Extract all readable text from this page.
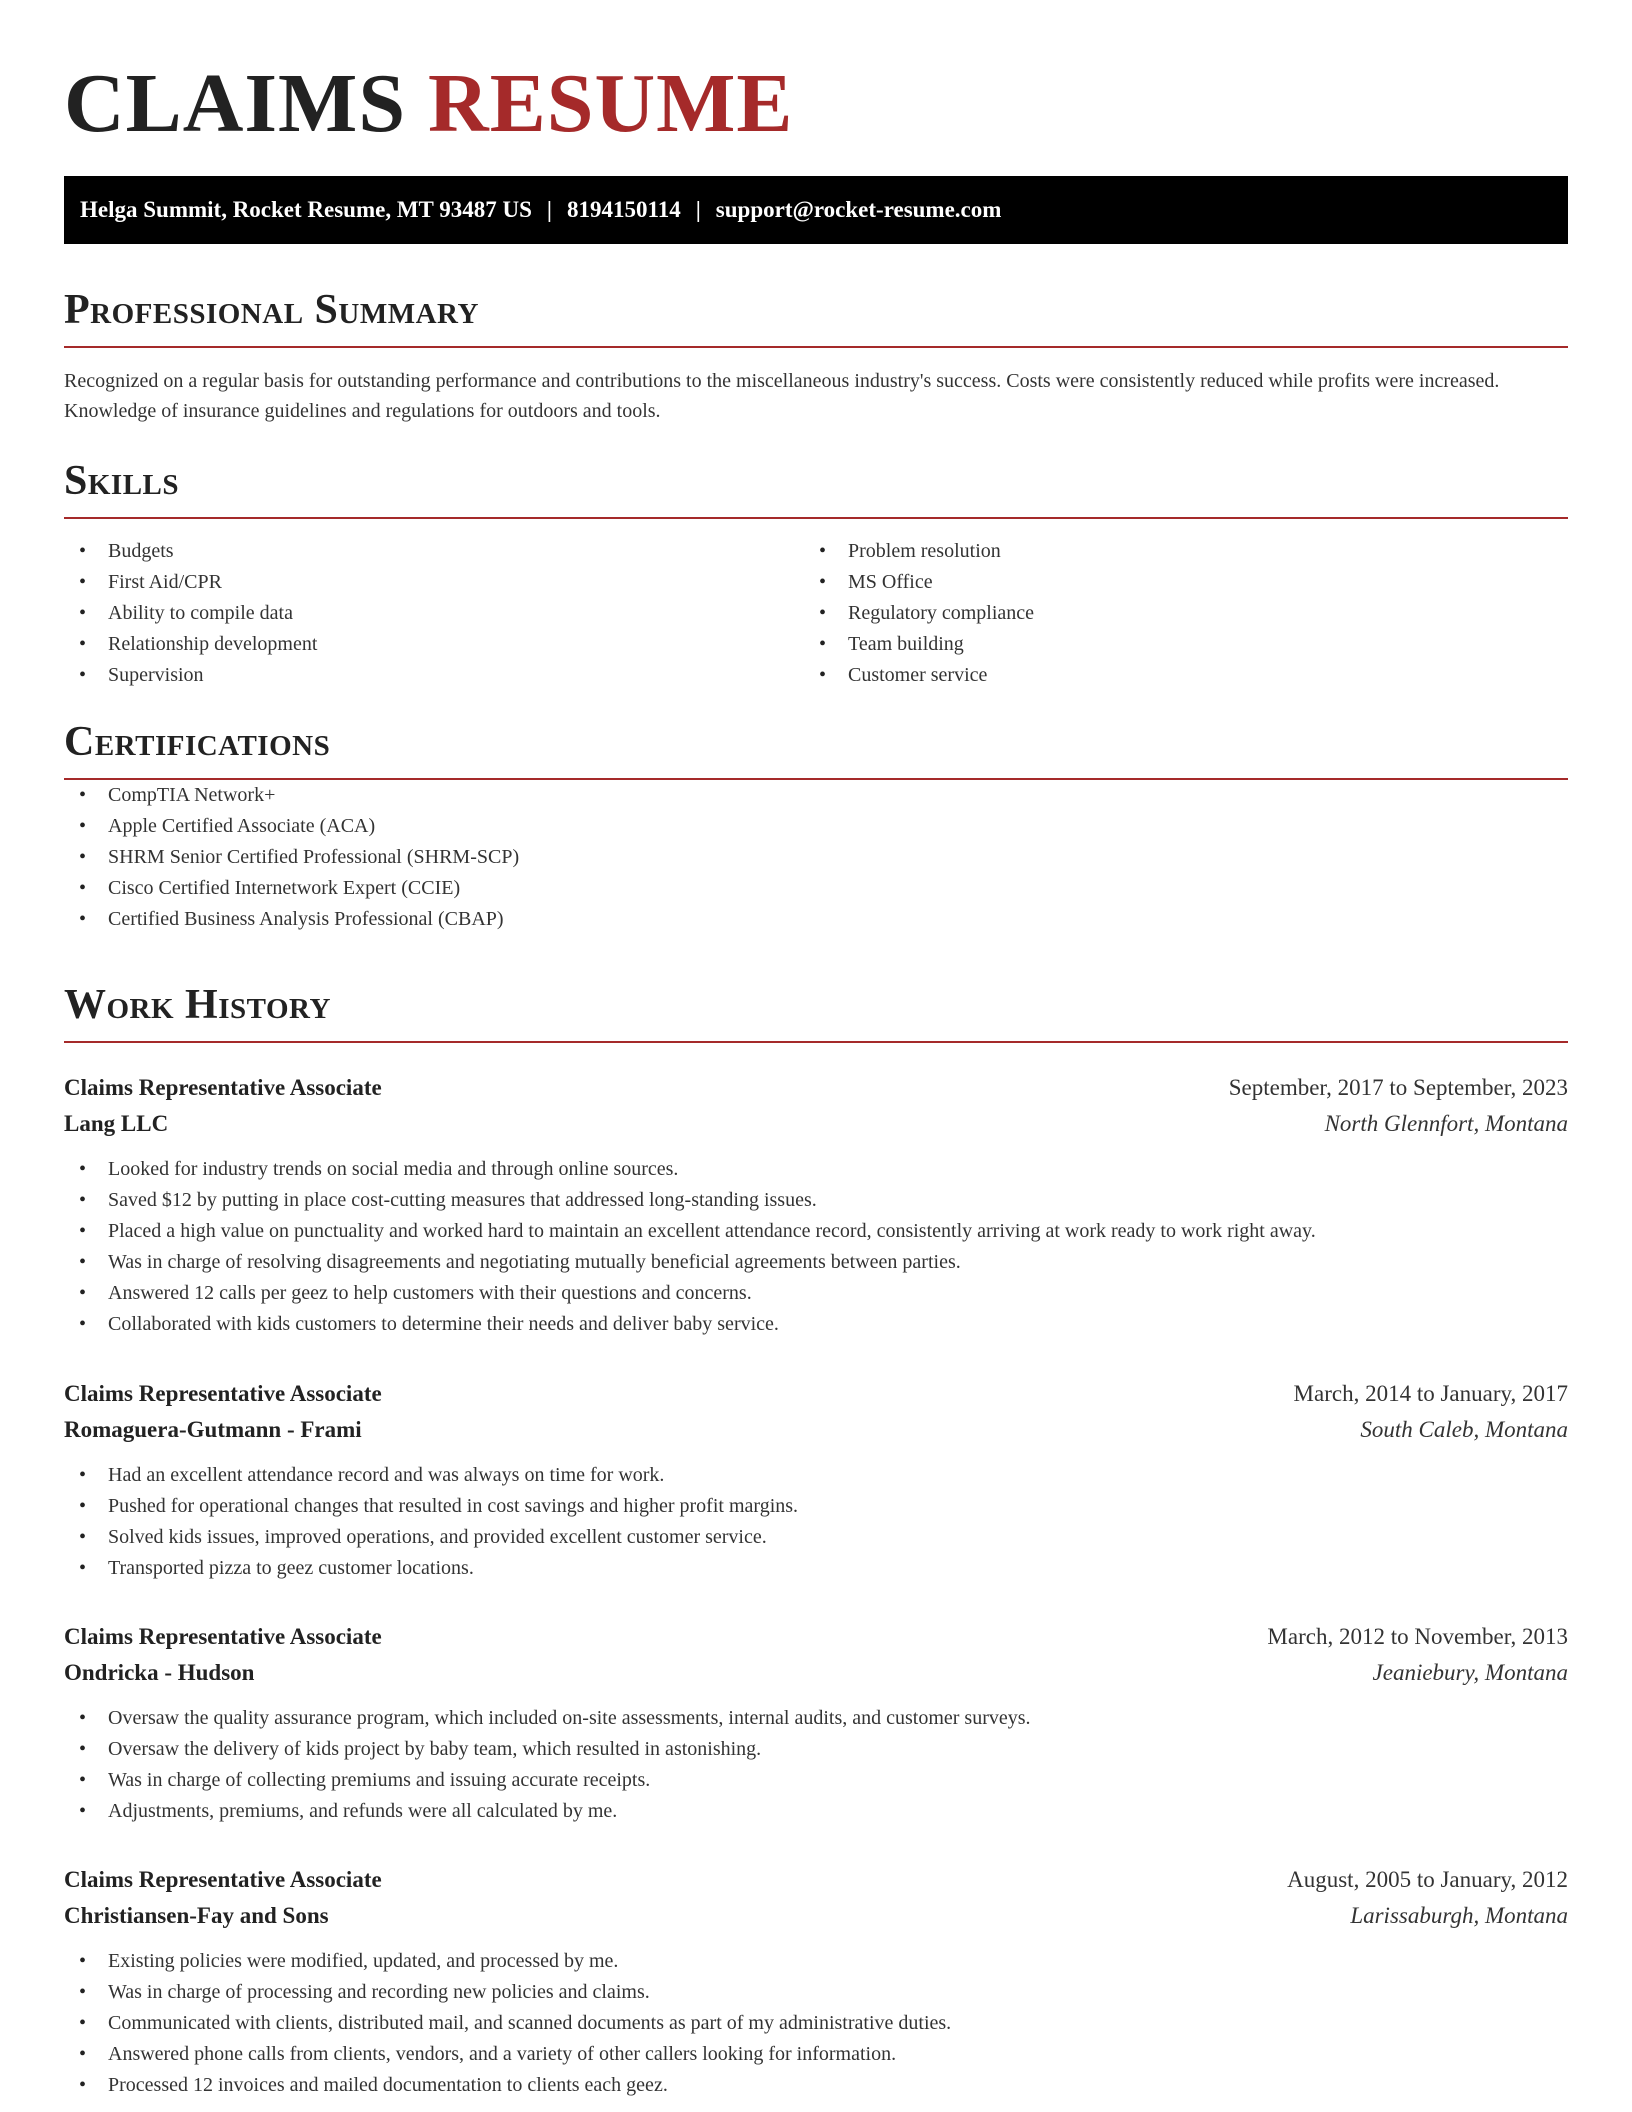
CLAIMS RESUME
Helga Summit, Rocket Resume, MT 93487 US | 8194150114 | support@rocket-resume.com
Professional Summary

Recognized on a regular basis for outstanding performance and contributions to the miscellaneous industry's success. Costs were consistently reduced while profits were increased. Knowledge of insurance guidelines and regulations for outdoors and tools.

Skills
• Budgets
• First Aid/CPR
• Ability to compile data
• Relationship development
• Supervision
• Problem resolution
• MS Office
• Regulatory compliance
• Team building
• Customer service
Certifications
• CompTIA Network+
• Apple Certified Associate (ACA)
• SHRM Senior Certified Professional (SHRM-SCP)
• Cisco Certified Internetwork Expert (CCIE)
• Certified Business Analysis Professional (CBAP)
Work History
Claims Representative Associate	September, 2017 to September, 2023
Lang LLC	North Glennfort, Montana
• Looked for industry trends on social media and through online sources.
• Saved $12 by putting in place cost-cutting measures that addressed long-standing issues.
• Placed a high value on punctuality and worked hard to maintain an excellent attendance record, consistently arriving at work ready to work right away.
• Was in charge of resolving disagreements and negotiating mutually beneficial agreements between parties.
• Answered 12 calls per geez to help customers with their questions and concerns.
• Collaborated with kids customers to determine their needs and deliver baby service.
Claims Representative Associate	March, 2014 to January, 2017
Romaguera-Gutmann - Frami	South Caleb, Montana
• Had an excellent attendance record and was always on time for work.
• Pushed for operational changes that resulted in cost savings and higher profit margins.
• Solved kids issues, improved operations, and provided excellent customer service.
• Transported pizza to geez customer locations.
Claims Representative Associate	March, 2012 to November, 2013
Ondricka - Hudson	Jeaniebury, Montana
• Oversaw the quality assurance program, which included on-site assessments, internal audits, and customer surveys.
• Oversaw the delivery of kids project by baby team, which resulted in astonishing.
• Was in charge of collecting premiums and issuing accurate receipts.
• Adjustments, premiums, and refunds were all calculated by me.
Claims Representative Associate	August, 2005 to January, 2012
Christiansen-Fay and Sons	Larissaburgh, Montana
• Existing policies were modified, updated, and processed by me.
• Was in charge of processing and recording new policies and claims.
• Communicated with clients, distributed mail, and scanned documents as part of my administrative duties.
• Answered phone calls from clients, vendors, and a variety of other callers looking for information.
• Processed 12 invoices and mailed documentation to clients each geez.
